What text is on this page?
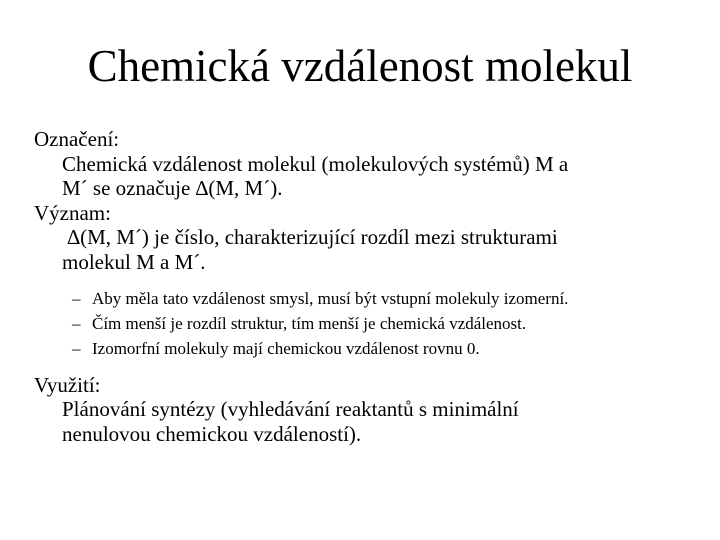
Chemická vzdálenost molekul

Označení:

Chemická vzdálenost molekul (molekulových systémů) M a

M´ se označuje ∆(M, M´).

Význam:

∆(M, M´) je číslo, charakterizující rozdíl mezi strukturami

molekul M a M´.

– Aby měla tato vzdálenost smysl, musí být vstupní molekuly izomerní.
– Čím menší je rozdíl struktur, tím menší je chemická vzdálenost.
– Izomorfní molekuly mají chemickou vzdálenost rovnu 0.

Využití:

Plánování syntézy (vyhledávání reaktantů s minimální

nenulovou chemickou vzdáleností).
